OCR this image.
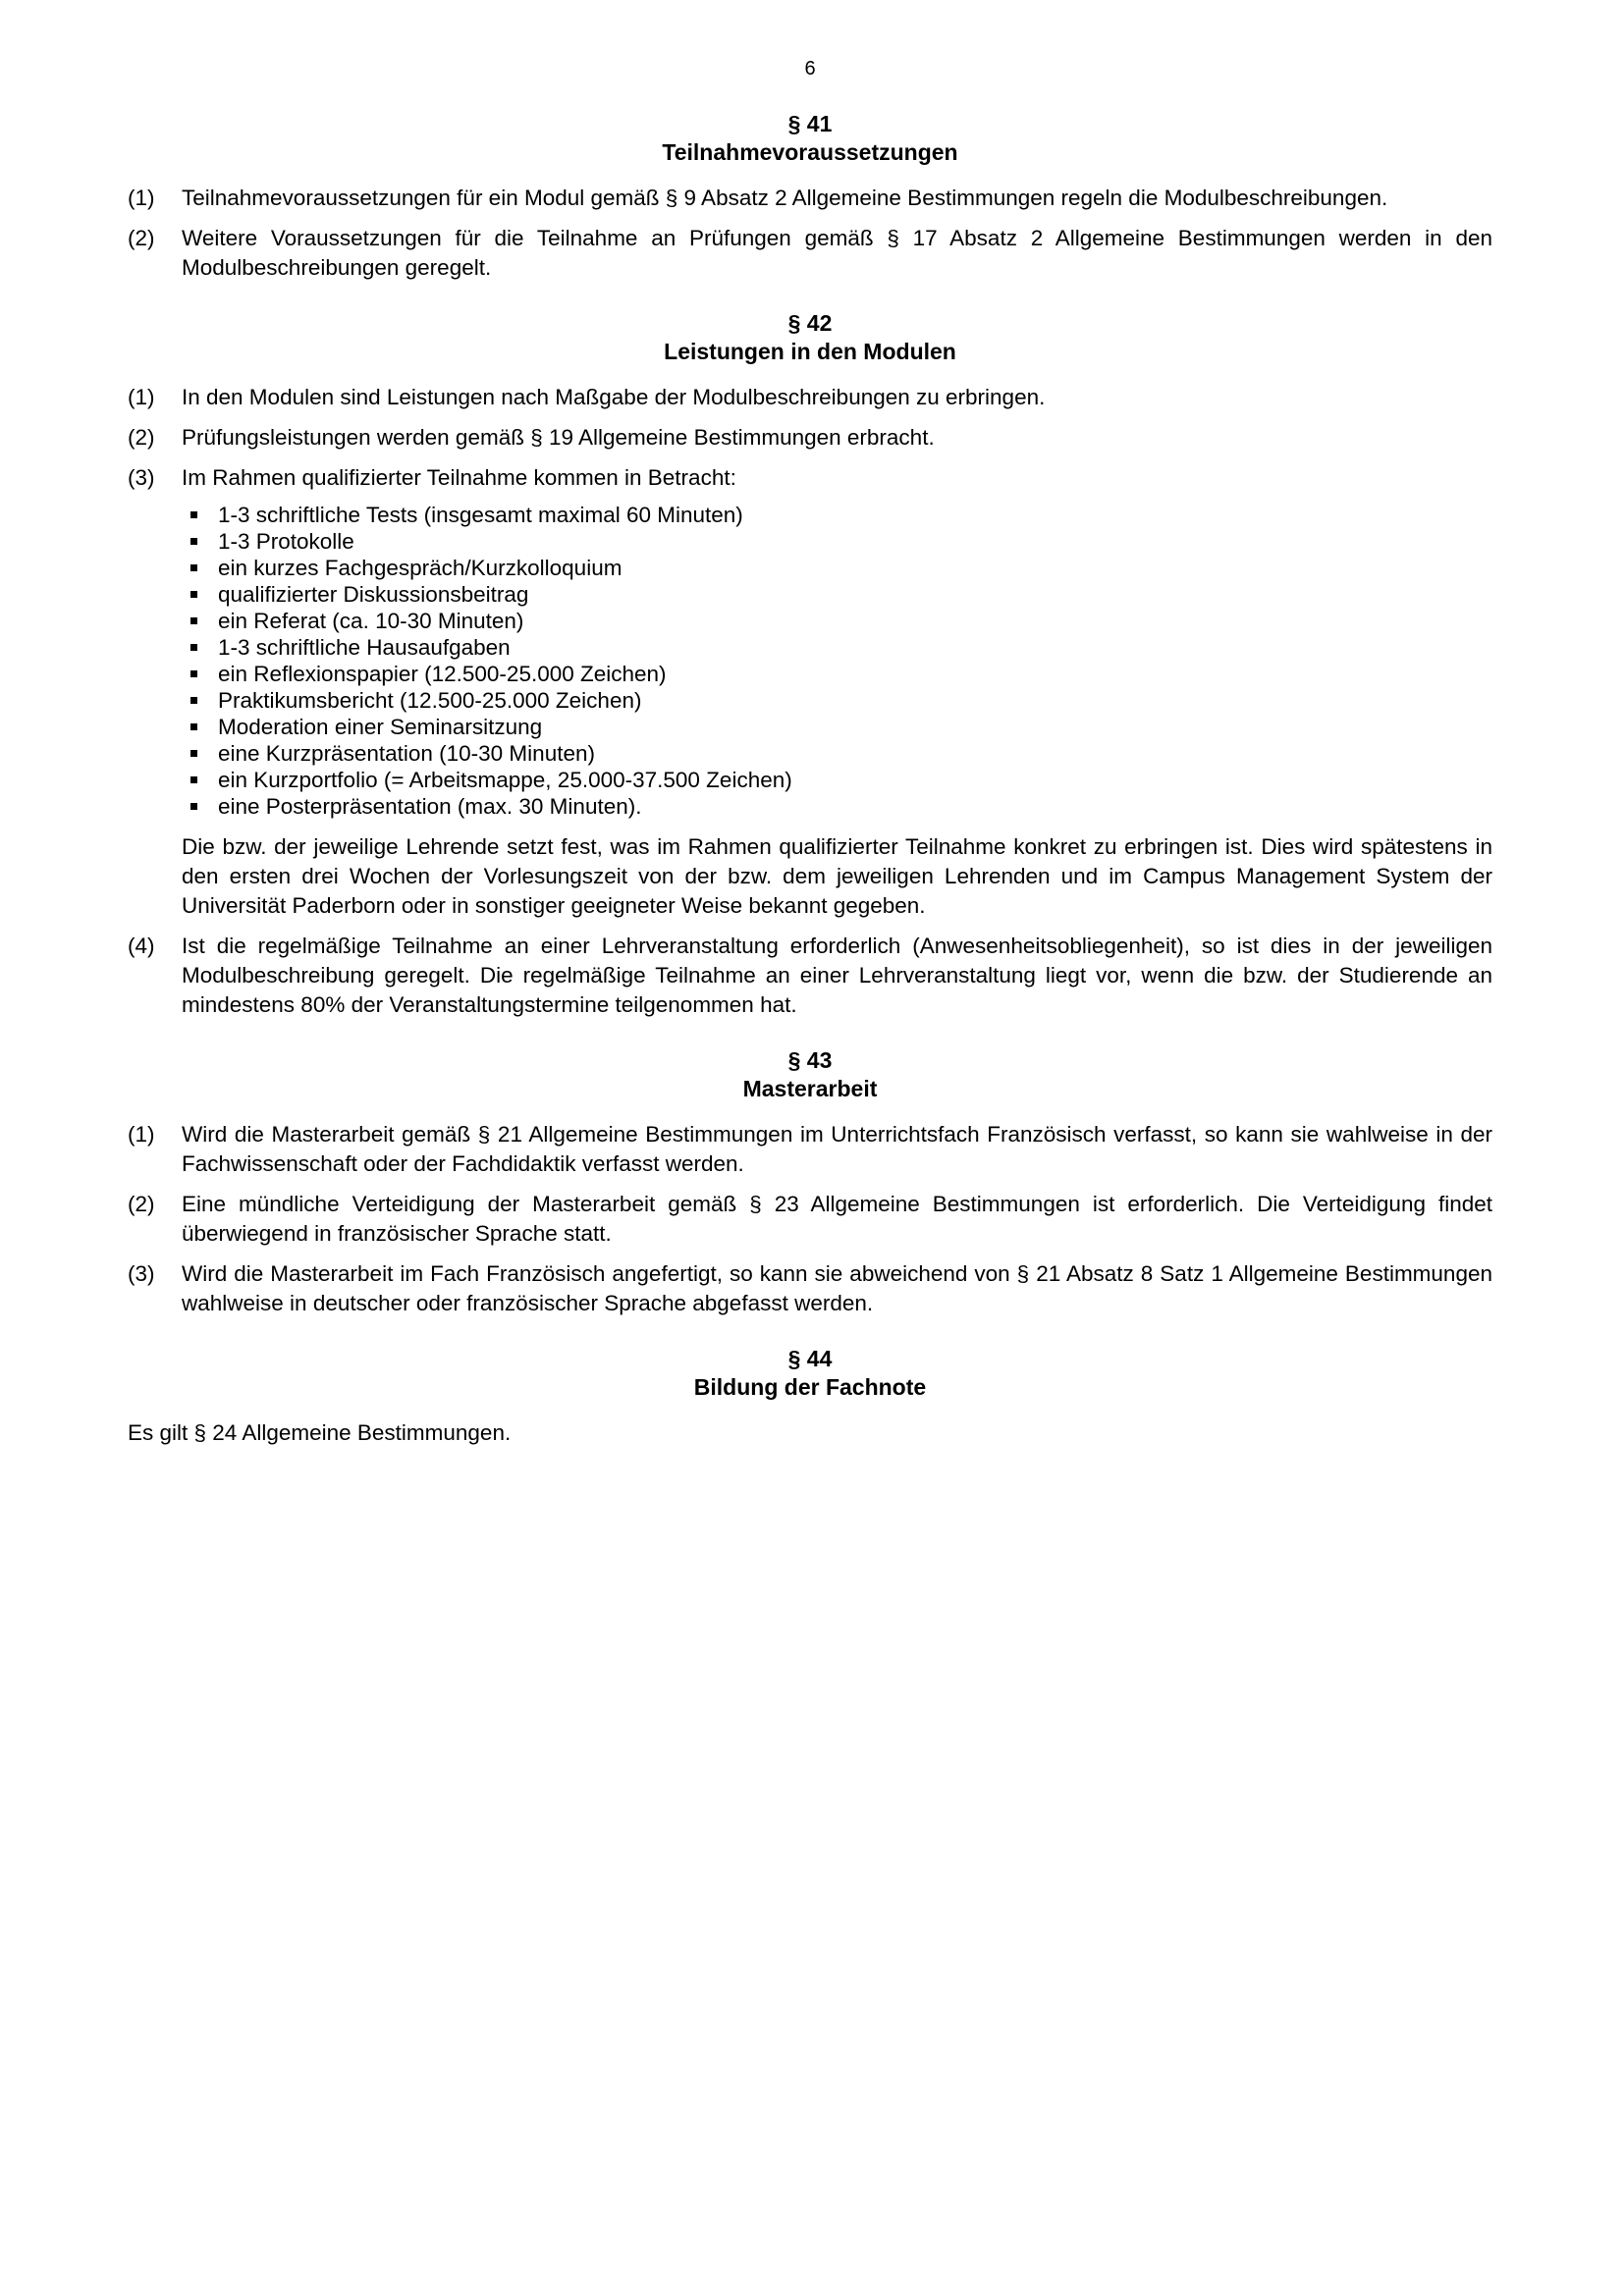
6
§ 41
Teilnahmevoraussetzungen
(1)	Teilnahmevoraussetzungen für ein Modul gemäß § 9 Absatz 2 Allgemeine Bestimmungen regeln die Modulbeschreibungen.
(2)	Weitere Voraussetzungen für die Teilnahme an Prüfungen gemäß § 17 Absatz 2 Allgemeine Bestimmungen werden in den Modulbeschreibungen geregelt.
§ 42
Leistungen in den Modulen
(1)	In den Modulen sind Leistungen nach Maßgabe der Modulbeschreibungen zu erbringen.
(2)	Prüfungsleistungen werden gemäß § 19 Allgemeine Bestimmungen erbracht.
(3)	Im Rahmen qualifizierter Teilnahme kommen in Betracht:
1-3 schriftliche Tests (insgesamt maximal 60 Minuten)
1-3 Protokolle
ein kurzes Fachgespräch/Kurzkolloquium
qualifizierter Diskussionsbeitrag
ein Referat (ca. 10-30 Minuten)
1-3 schriftliche Hausaufgaben
ein Reflexionspapier (12.500-25.000 Zeichen)
Praktikumsbericht (12.500-25.000 Zeichen)
Moderation einer Seminarsitzung
eine Kurzpräsentation (10-30 Minuten)
ein Kurzportfolio (= Arbeitsmappe, 25.000-37.500 Zeichen)
eine Posterpräsentation (max. 30 Minuten).
Die bzw. der jeweilige Lehrende setzt fest, was im Rahmen qualifizierter Teilnahme konkret zu erbringen ist. Dies wird spätestens in den ersten drei Wochen der Vorlesungszeit von der bzw. dem jeweiligen Lehrenden und im Campus Management System der Universität Paderborn oder in sonstiger geeigneter Weise bekannt gegeben.
(4)	Ist die regelmäßige Teilnahme an einer Lehrveranstaltung erforderlich (Anwesenheitsobliegenheit), so ist dies in der jeweiligen Modulbeschreibung geregelt. Die regelmäßige Teilnahme an einer Lehrveranstaltung liegt vor, wenn die bzw. der Studierende an mindestens 80% der Veranstaltungstermine teilgenommen hat.
§ 43
Masterarbeit
(1)	Wird die Masterarbeit gemäß § 21 Allgemeine Bestimmungen im Unterrichtsfach Französisch verfasst, so kann sie wahlweise in der Fachwissenschaft oder der Fachdidaktik verfasst werden.
(2)	Eine mündliche Verteidigung der Masterarbeit gemäß § 23 Allgemeine Bestimmungen ist erforderlich. Die Verteidigung findet überwiegend in französischer Sprache statt.
(3)	Wird die Masterarbeit im Fach Französisch angefertigt, so kann sie abweichend von § 21 Absatz 8 Satz 1 Allgemeine Bestimmungen wahlweise in deutscher oder französischer Sprache abgefasst werden.
§ 44
Bildung der Fachnote
Es gilt § 24 Allgemeine Bestimmungen.
